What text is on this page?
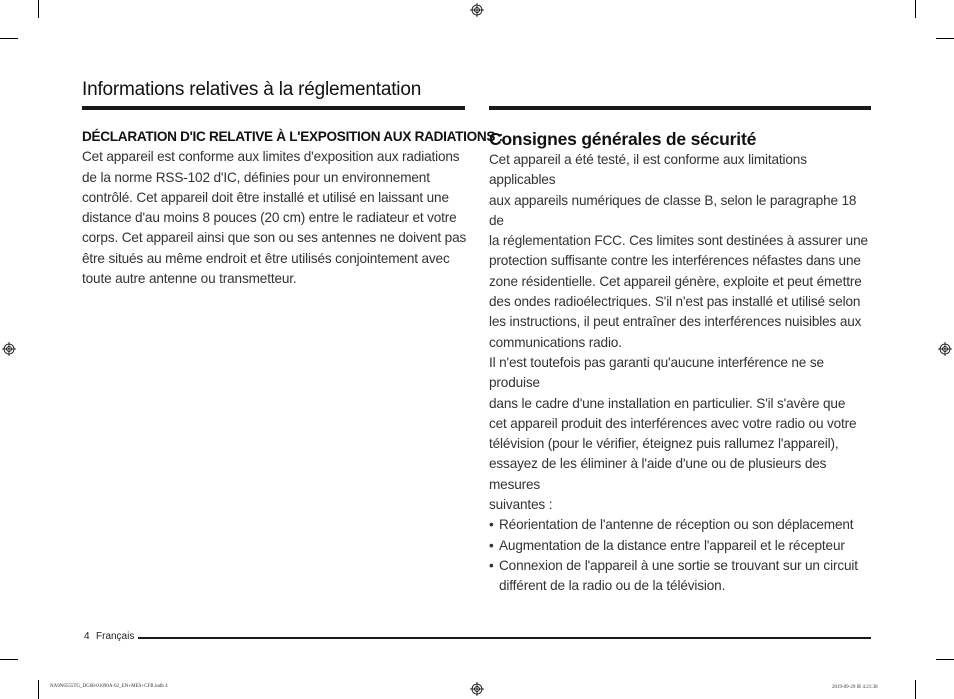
Informations relatives à la réglementation

DÉCLARATION D'IC RELATIVE À L'EXPOSITION AUX RADIATIONS :

Cet appareil est conforme aux limites d'exposition aux radiations

de la norme RSS-102 d'IC, définies pour un environnement

contrôlé. Cet appareil doit être installé et utilisé en laissant une

distance d'au moins 8 pouces (20 cm) entre le radiateur et votre

corps. Cet appareil ainsi que son ou ses antennes ne doivent pas

être situés au même endroit et être utilisés conjointement avec

toute autre antenne ou transmetteur.

Consignes générales de sécurité

Cet appareil a été testé, il est conforme aux limitations applicables

aux appareils numériques de classe B, selon le paragraphe 18 de

la réglementation FCC. Ces limites sont destinées à assurer une

protection suffisante contre les interférences néfastes dans une

zone résidentielle. Cet appareil génère, exploite et peut émettre

des ondes radioélectriques. S'il n'est pas installé et utilisé selon

les instructions, il peut entraîner des interférences nuisibles aux

communications radio.

Il n'est toutefois pas garanti qu'aucune interférence ne se produise

dans le cadre d'une installation en particulier. S'il s'avère que

cet appareil produit des interférences avec votre radio ou votre

télévision (pour le vérifier, éteignez puis rallumez l'appareil),

essayez de les éliminer à l'aide d'une ou de plusieurs des mesures

suivantes :

• Réorientation de l'antenne de réception ou son déplacement
• Augmentation de la distance entre l'appareil et le récepteur
• Connexion de l'appareil à une sortie se trouvant sur un circuit différent de la radio ou de la télévision.
4 Français
NA9N6555TG_DG68-01090A-02_EN+MES+CFR.indb 4	2019-09-29 ☒ 4:21:38
